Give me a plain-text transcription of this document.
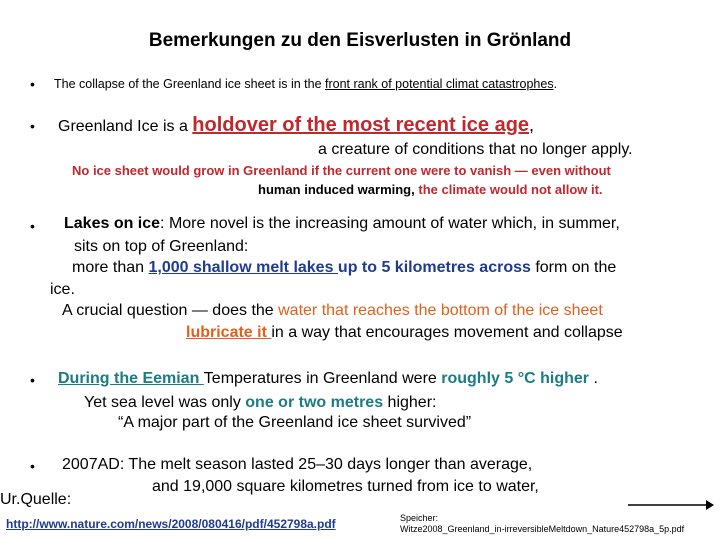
Bemerkungen zu den Eisverlusten in Grönland
• The collapse of the Greenland ice sheet is in the front rank of potential climat catastrophes.
• Greenland Ice is a holdover of the most recent ice age,
a creature of conditions that no longer apply.
No ice sheet would grow in Greenland if the current one were to vanish — even without
human induced warming, the climate would not allow it.
• Lakes on ice: More novel is the increasing amount of water which, in summer,
sits on top of Greenland:
more than 1,000 shallow melt lakes up to 5 kilometres across form on the
ice.
A crucial question — does the water that reaches the bottom of the ice sheet
lubricate it in a way that encourages movement and collapse
• During the Eemian Temperatures in Greenland were roughly 5 °C higher .
Yet sea level was only one or two metres higher:
“A major part of the Greenland ice sheet survived”
• 2007AD: The melt season lasted 25–30 days longer than average,
and 19,000 square kilometres turned from ice to water,
Ur.Quelle:
http://www.nature.com/news/2008/080416/pdf/452798a.pdf	Speicher:
Witze2008_Greenland_in-irreversibleMeltdown_Nature452798a_5p.pdf
